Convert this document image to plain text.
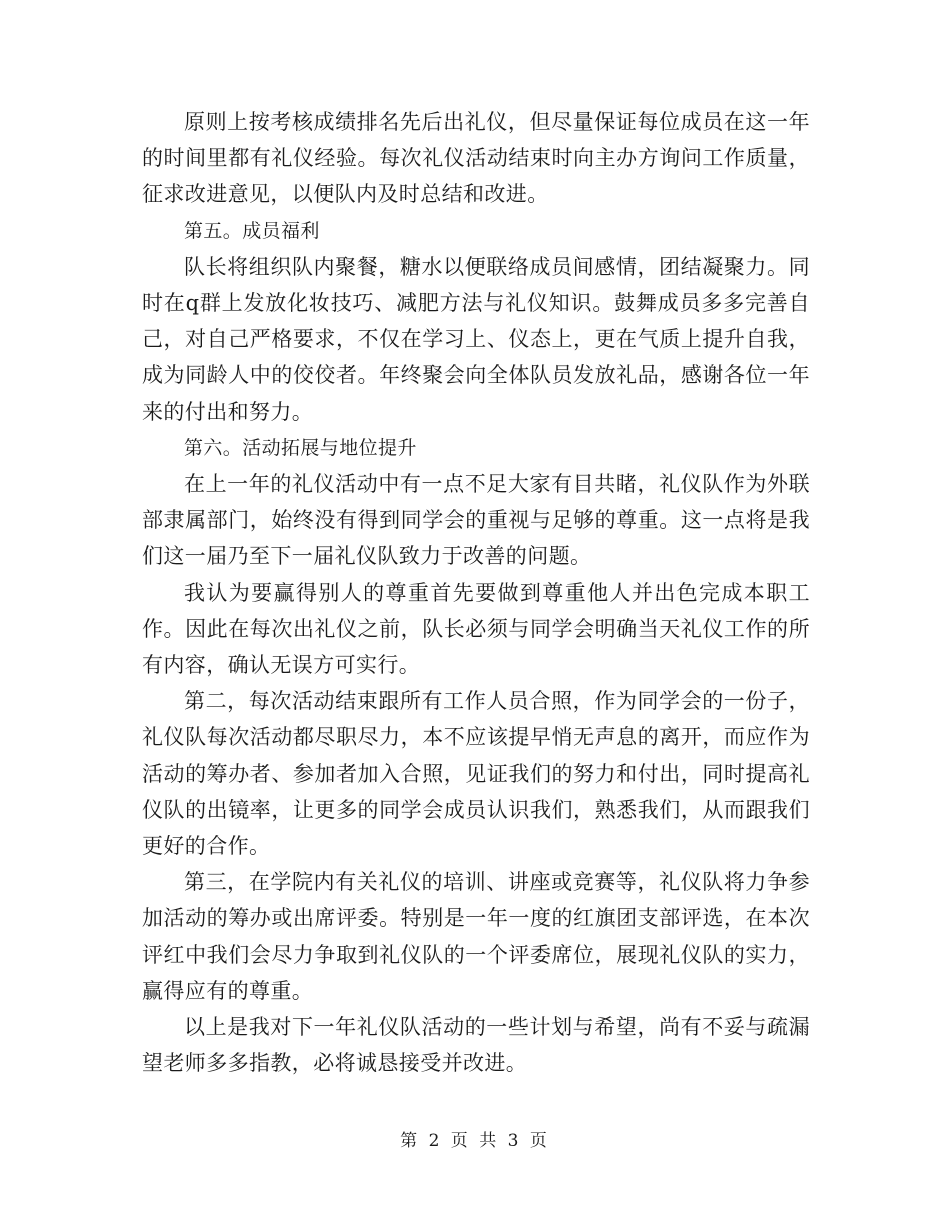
原则上按考核成绩排名先后出礼仪，但尽量保证每位成员在这一年的时间里都有礼仪经验。每次礼仪活动结束时向主办方询问工作质量，征求改进意见，以便队内及时总结和改进。

第五。成员福利

队长将组织队内聚餐，糖水以便联络成员间感情，团结凝聚力。同时在q群上发放化妆技巧、减肥方法与礼仪知识。鼓舞成员多多完善自己，对自己严格要求，不仅在学习上、仪态上，更在气质上提升自我，成为同龄人中的佼佼者。年终聚会向全体队员发放礼品，感谢各位一年来的付出和努力。

第六。活动拓展与地位提升

在上一年的礼仪活动中有一点不足大家有目共睹，礼仪队作为外联部隶属部门，始终没有得到同学会的重视与足够的尊重。这一点将是我们这一届乃至下一届礼仪队致力于改善的问题。

我认为要赢得别人的尊重首先要做到尊重他人并出色完成本职工作。因此在每次出礼仪之前，队长必须与同学会明确当天礼仪工作的所有内容，确认无误方可实行。

第二，每次活动结束跟所有工作人员合照，作为同学会的一份子，礼仪队每次活动都尽职尽力，本不应该提早悄无声息的离开，而应作为活动的筹办者、参加者加入合照，见证我们的努力和付出，同时提高礼仪队的出镜率，让更多的同学会成员认识我们，熟悉我们，从而跟我们更好的合作。

第三，在学院内有关礼仪的培训、讲座或竞赛等，礼仪队将力争参加活动的筹办或出席评委。特别是一年一度的红旗团支部评选，在本次评红中我们会尽力争取到礼仪队的一个评委席位，展现礼仪队的实力，赢得应有的尊重。

以上是我对下一年礼仪队活动的一些计划与希望，尚有不妥与疏漏望老师多多指教，必将诚恳接受并改进。

第 2 页 共 3 页
